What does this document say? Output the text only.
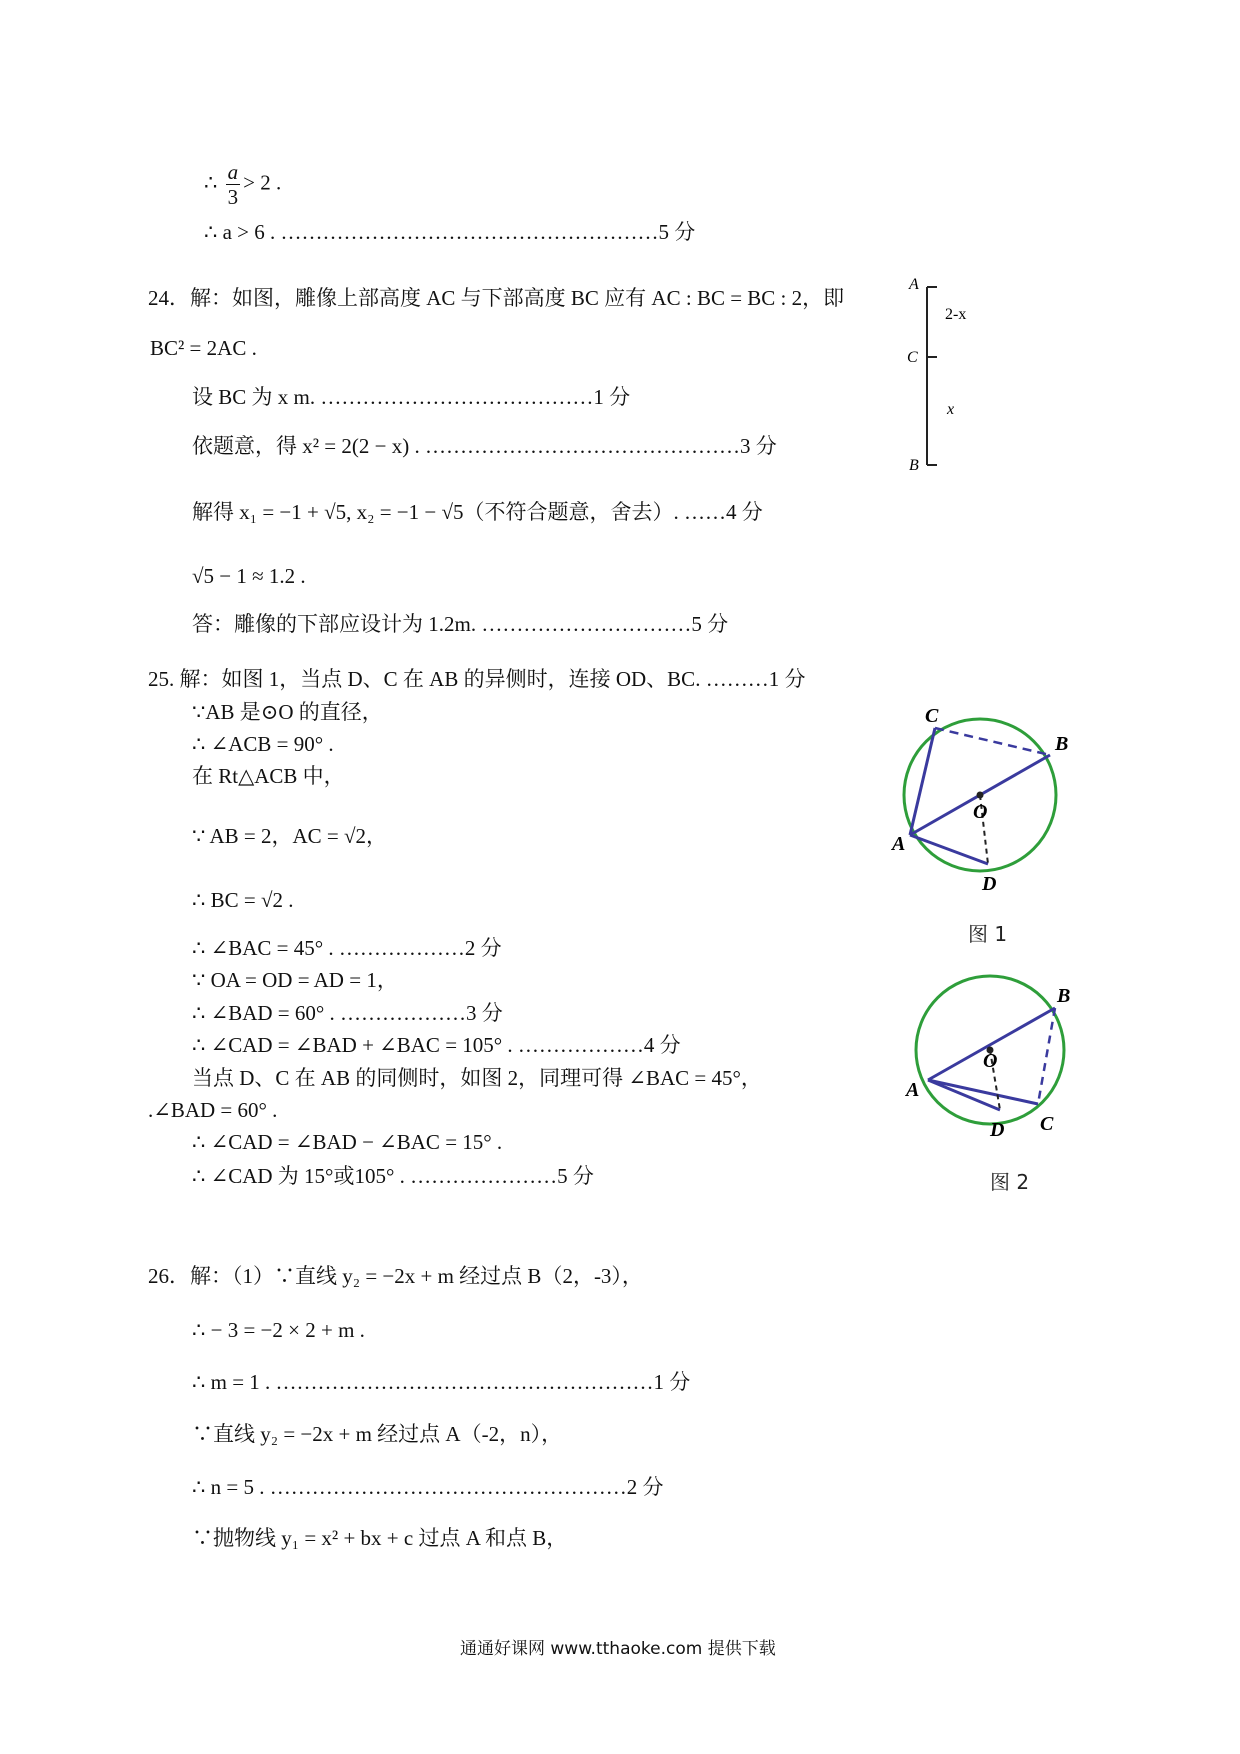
∴ $\frac{a}{3} > 2$ .
∴ a > 6 . ………………………………………………5 分
24．解：如图，雕像上部高度 AC 与下部高度 BC 应有 AC : BC = BC : 2，即
BC² = 2AC .
设 BC 为 x m. …………………………………1 分
依题意，得 x² = 2(2 − x) . ………………………………………3 分
解得 x₁ = −1 + √5, x₂ = −1 − √5（不符合题意，舍去）. ……4 分
√5 − 1 ≈ 1.2 .
答：雕像的下部应设计为 1.2m. …………………………5 分
A
C
B
2-x
x
25. 解：如图 1，当点 D、C 在 AB 的异侧时，连接 OD、BC. ………1 分
∵AB 是⊙O 的直径，
∴ ∠ACB = 90° .
在 Rt△ACB 中，
∵ AB = 2，AC = √2，
∴ BC = √2 .
∴ ∠BAC = 45° . ………………2 分
∵ OA = OD = AD = 1，
∴ ∠BAD = 60° . ………………3 分
∴ ∠CAD = ∠BAD + ∠BAC = 105° . ………………4 分
当点 D、C 在 AB 的同侧时，如图 2，同理可得 ∠BAC = 45°，
.∠BAD = 60° .
∴ ∠CAD = ∠BAD − ∠BAC = 15° .
∴ ∠CAD 为 15°或105° . …………………5 分
C
B
O
A
D
图 1
B
O
A
D C
图 2
26．解：（1）∵直线 y₂ = −2x + m 经过点 B（2，-3），
∴ − 3 = −2 × 2 + m .
∴ m = 1 . ………………………………………………1 分
∵直线 y₂ = −2x + m 经过点 A（-2，n），
∴ n = 5 . ……………………………………………2 分
∵抛物线 y₁ = x² + bx + c 过点 A 和点 B，
通通好课网 www.tthaoke.com 提供下载
